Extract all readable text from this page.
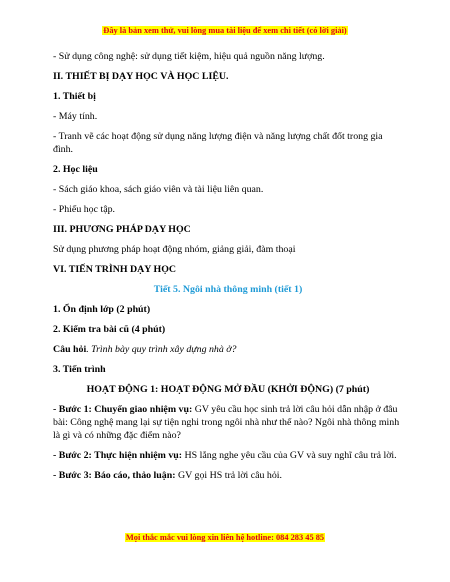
Đây là bản xem thử, vui lòng mua tài liệu để xem chi tiết (có lời giải)

- Sử dụng công nghệ: sử dụng tiết kiệm, hiệu quả nguồn năng lượng.

II. THIẾT BỊ DẠY HỌC VÀ HỌC LIỆU.

1. Thiết bị

- Máy tính.

- Tranh vẽ các hoạt động sử dụng năng lượng điện và năng lượng chất đốt trong gia đình.

2. Học liệu

- Sách giáo khoa, sách giáo viên và tài liệu liên quan.

- Phiếu học tập.

III. PHƯƠNG PHÁP DẠY HỌC

Sử dụng phương pháp hoạt động nhóm, giảng giải, đàm thoại

VI. TIẾN TRÌNH DẠY HỌC

Tiết 5. Ngôi nhà thông minh (tiết 1)

1. Ổn định lớp (2 phút)

2. Kiểm tra bài cũ (4 phút)

Câu hỏi. Trình bày quy trình xây dựng nhà ở?

3. Tiến trình

HOẠT ĐỘNG 1: HOẠT ĐỘNG MỞ ĐẦU (KHỞI ĐỘNG) (7 phút)

- Bước 1: Chuyển giao nhiệm vụ: GV yêu cầu học sinh trả lời câu hỏi dẫn nhập ở đâu bài: Công nghệ mang lại sự tiện nghi trong ngôi nhà như thế nào? Ngôi nhà thông minh là gì và có những đặc điểm nào?

- Bước 2: Thực hiện nhiệm vụ: HS lắng nghe yêu cầu của GV và suy nghĩ câu trả lời.

- Bước 3: Báo cáo, thảo luận: GV gọi HS trả lời câu hỏi.

Mọi thắc mắc vui lòng xin liên hệ hotline: 084 283 45 85
